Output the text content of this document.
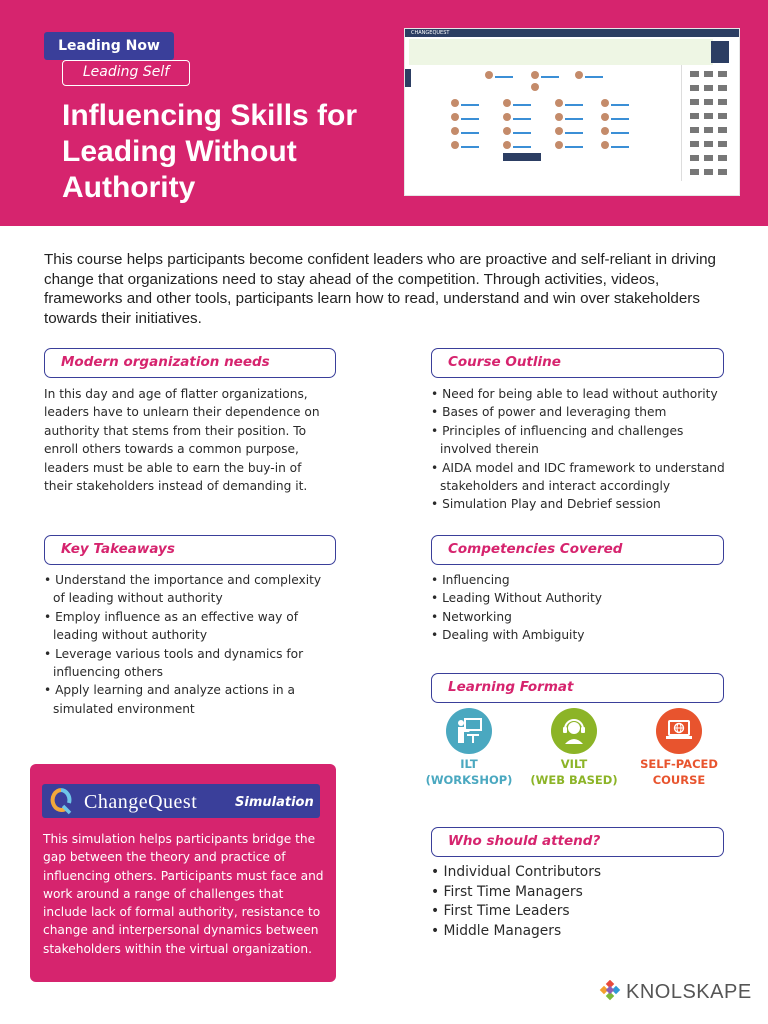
Leading Now
Leading Self
Influencing Skills for Leading Without Authority
CHANGEQUEST
This course helps participants become confident leaders who are proactive and self-reliant in driving change that organizations need to stay ahead of the competition. Through activities, videos, frameworks and other tools, participants learn how to read, understand and win over stakeholders towards their initiatives.
Modern organization needs
In this day and age of flatter organizations, leaders have to unlearn their dependence on authority that stems from their position. To enroll others towards a common purpose, leaders must be able to earn the buy-in of their stakeholders instead of demanding it.
Course Outline
• Need for being able to lead without authority
• Bases of power and leveraging them
• Principles of influencing and challenges involved therein
• AIDA model and IDC framework to understand stakeholders and interact accordingly
• Simulation Play and Debrief session
Key Takeaways
• Understand the importance and complexity of leading without authority
• Employ influence as an effective way of leading without authority
• Leverage various tools and dynamics for influencing others
• Apply learning and analyze actions in a simulated environment
Competencies Covered
• Influencing
• Leading Without Authority
• Networking
• Dealing with Ambiguity
Learning Format
ILT
(WORKSHOP)
VILT
(WEB BASED)
SELF-PACED
COURSE
ChangeQuest	Simulation
This simulation helps participants bridge the gap between the theory and practice of influencing others. Participants must face and work around a range of challenges that include lack of formal authority, resistance to change and interpersonal dynamics between stakeholders within the virtual organization.
Who should attend?
• Individual Contributors
• First Time Managers
• First Time Leaders
• Middle Managers
KNOLSKAPE
